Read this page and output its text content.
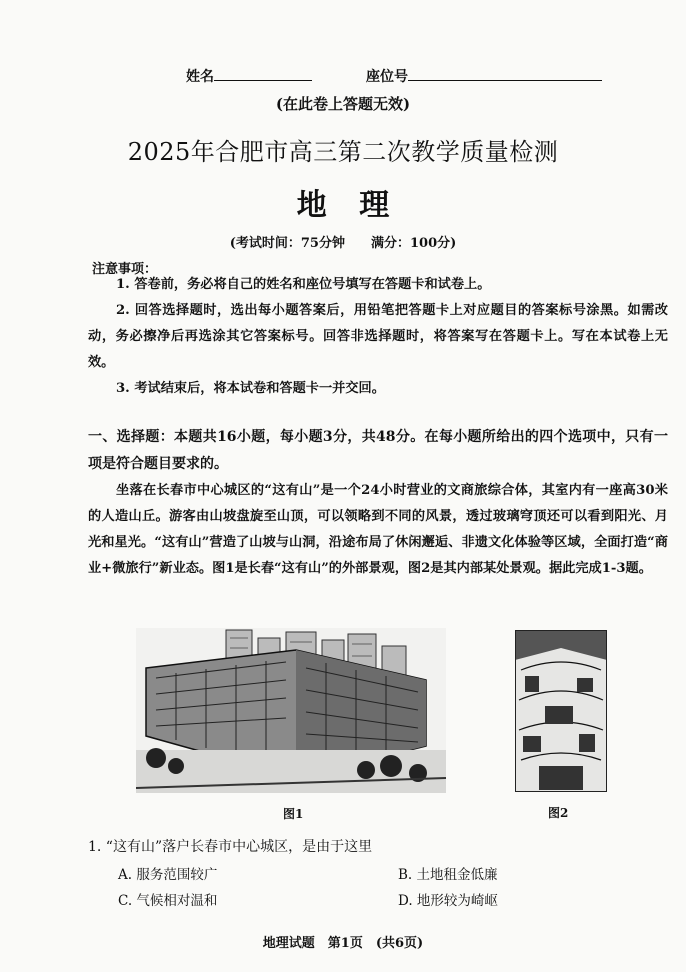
姓名	座位号
(在此卷上答题无效)
2025年合肥市高三第二次教学质量检测
地 理
(考试时间：75分钟　　满分：100分)
注意事项：

1. 答卷前，务必将自己的姓名和座位号填写在答题卡和试卷上。

2. 回答选择题时，选出每小题答案后，用铅笔把答题卡上对应题目的答案标号涂黑。如需改动，务必擦净后再选涂其它答案标号。回答非选择题时，将答案写在答题卡上。写在本试卷上无效。

3. 考试结束后，将本试卷和答题卡一并交回。

一、选择题：本题共16小题，每小题3分，共48分。在每小题所给出的四个选项中，只有一项是符合题目要求的。
坐落在长春市中心城区的“这有山”是一个24小时营业的文商旅综合体，其室内有一座高30米的人造山丘。游客由山坡盘旋至山顶，可以领略到不同的风景，透过玻璃穹顶还可以看到阳光、月光和星光。“这有山”营造了山坡与山洞，沿途布局了休闲邂逅、非遗文化体验等区域，全面打造“商业+微旅行”新业态。图1是长春“这有山”的外部景观，图2是其内部某处景观。据此完成1-3题。
图1	图2
1. “这有山”落户长春市中心城区，是由于这里
A. 服务范围较广	B. 土地租金低廉
C. 气候相对温和	D. 地形较为崎岖
地理试题　第1页　(共6页)
